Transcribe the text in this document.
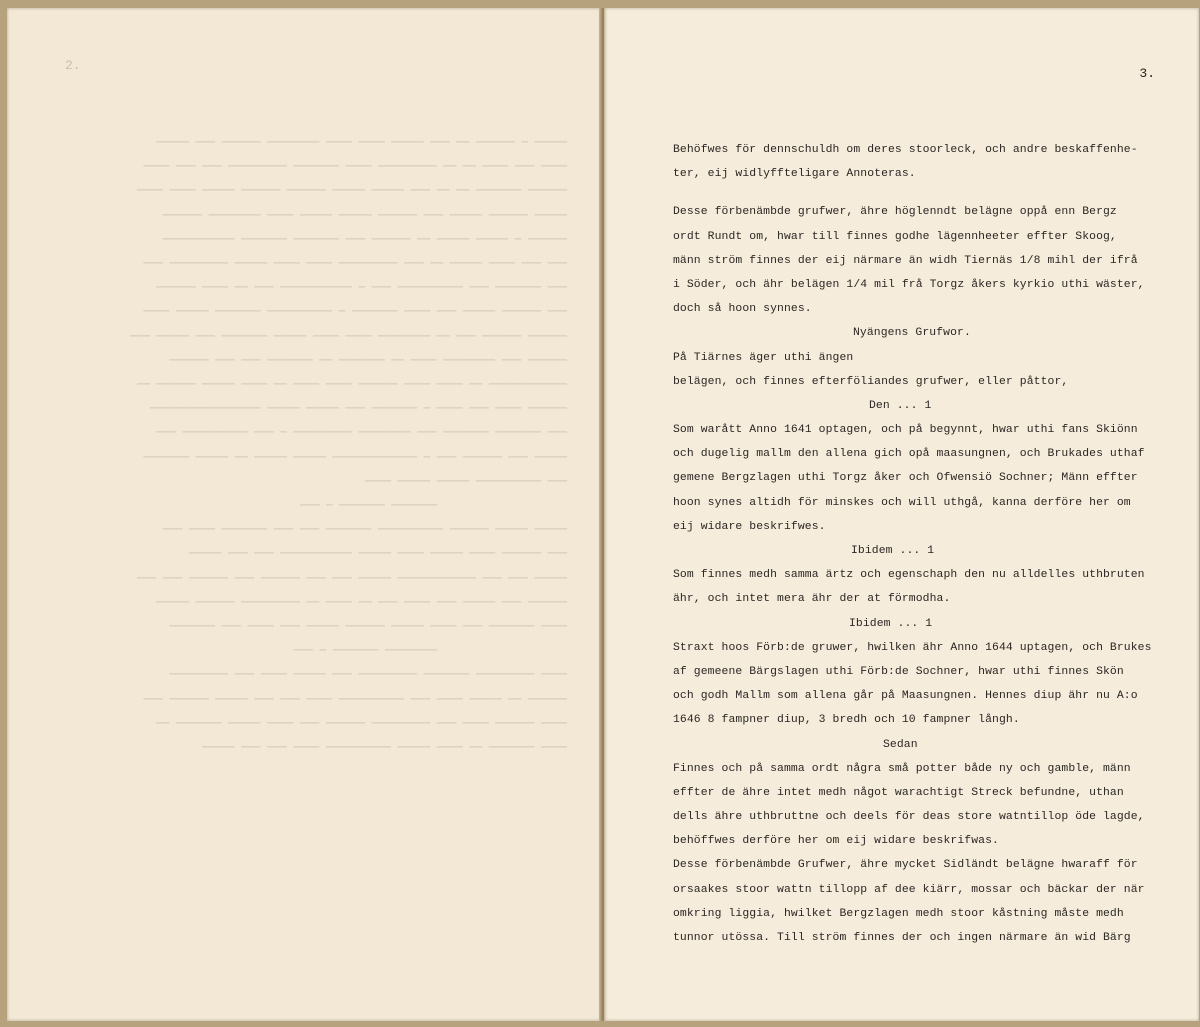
2.
▁▁▁▁▁ ▁ ▁▁▁▁▁▁ ▁▁ ▁▁▁ ▁▁▁▁▁ ▁▁▁▁ ▁▁▁▁ ▁▁▁▁▁▁▁▁ ▁▁▁▁▁▁ ▁▁▁ ▁▁▁▁▁
▁▁▁▁ ▁▁▁ ▁▁▁▁ ▁▁ ▁▁ ▁▁▁▁▁▁▁▁▁ ▁▁▁▁ ▁▁▁▁▁▁▁ ▁▁▁▁▁▁▁▁▁ ▁▁▁ ▁▁▁ ▁▁▁▁
▁▁▁▁▁▁ ▁▁▁▁▁▁▁ ▁▁ ▁▁ ▁▁▁ ▁▁▁▁▁ ▁▁▁▁▁ ▁▁▁▁▁▁ ▁▁▁▁▁▁ ▁▁▁▁▁ ▁▁▁▁ ▁▁▁▁
▁▁▁▁▁ ▁▁▁▁▁▁ ▁▁▁▁▁ ▁▁▁ ▁▁▁▁▁▁ ▁▁▁▁▁ ▁▁▁▁▁ ▁▁▁▁ ▁▁▁▁▁▁▁▁ ▁▁▁▁▁▁
▁▁▁▁▁▁ ▁ ▁▁▁▁▁ ▁▁▁▁▁ ▁▁ ▁▁▁▁▁▁ ▁▁▁ ▁▁▁▁▁▁▁ ▁▁▁▁▁▁▁ ▁▁▁▁▁▁▁▁▁▁▁
▁▁▁ ▁▁▁ ▁▁▁▁ ▁▁▁▁▁ ▁▁ ▁▁▁ ▁▁▁▁▁▁▁▁▁ ▁▁▁▁ ▁▁▁▁ ▁▁▁▁▁ ▁▁▁▁▁▁▁▁▁ ▁▁▁
▁▁▁ ▁▁▁▁▁▁▁ ▁▁▁ ▁▁▁▁▁▁▁▁▁▁ ▁▁▁ ▁ ▁▁▁▁▁▁▁▁▁▁▁ ▁▁▁ ▁▁ ▁▁▁▁ ▁▁▁▁▁▁
▁▁▁ ▁▁▁▁▁▁ ▁▁▁▁▁ ▁▁▁ ▁▁▁▁ ▁▁▁▁▁▁▁ ▁ ▁▁▁▁▁▁▁▁▁▁ ▁▁▁▁▁▁▁ ▁▁▁▁▁ ▁▁▁▁
▁▁▁▁▁▁ ▁▁▁▁▁▁ ▁▁▁ ▁▁ ▁▁▁▁▁▁▁▁ ▁▁▁▁ ▁▁▁▁ ▁▁▁▁▁ ▁▁▁▁▁▁▁ ▁▁▁ ▁▁▁▁▁ ▁▁▁
▁▁▁▁▁▁ ▁▁▁ ▁▁▁▁▁▁▁▁ ▁▁▁▁ ▁▁ ▁▁▁▁▁▁▁ ▁▁ ▁▁▁▁▁▁▁ ▁▁▁ ▁▁▁ ▁▁▁▁▁▁
▁▁▁▁▁▁▁▁▁▁▁▁ ▁▁ ▁▁▁▁ ▁▁▁▁ ▁▁▁▁▁▁ ▁▁▁▁ ▁▁▁▁ ▁▁ ▁▁▁▁ ▁▁▁▁▁ ▁▁▁▁▁▁ ▁▁
▁▁▁▁▁▁ ▁▁▁▁ ▁▁▁ ▁▁▁▁ ▁ ▁▁▁▁▁▁▁ ▁▁▁ ▁▁▁▁▁ ▁▁▁▁▁ ▁▁▁▁▁▁▁▁▁▁▁▁▁▁▁▁▁
▁▁▁ ▁▁▁▁▁▁▁ ▁▁▁▁▁▁▁ ▁▁▁ ▁▁▁▁▁▁▁▁ ▁▁▁▁▁▁▁▁▁ ▁ ▁▁▁ ▁▁▁▁▁▁▁▁▁▁ ▁▁▁
▁▁▁▁▁ ▁▁▁ ▁▁▁▁▁▁ ▁▁▁ ▁ ▁▁▁▁▁▁▁▁▁▁▁▁▁ ▁▁▁▁▁ ▁▁▁▁▁ ▁▁ ▁▁▁▁▁ ▁▁▁▁▁▁▁
▁▁▁ ▁▁▁▁▁▁▁▁▁▁ ▁▁▁▁▁ ▁▁▁▁▁ ▁▁▁▁
▁▁▁▁▁▁▁ ▁▁▁▁▁▁▁ ▁ ▁▁▁
▁▁▁▁▁ ▁▁▁▁▁ ▁▁▁▁▁▁ ▁▁▁▁▁▁▁▁▁▁ ▁▁▁▁▁▁▁ ▁▁▁ ▁▁▁ ▁▁▁▁▁▁▁ ▁▁▁▁ ▁▁▁
▁▁▁ ▁▁▁▁▁▁ ▁▁▁▁ ▁▁▁▁▁ ▁▁▁▁ ▁▁▁▁▁ ▁▁▁▁▁▁▁▁▁▁▁ ▁▁▁ ▁▁▁ ▁▁▁▁▁
▁▁▁▁▁ ▁▁▁ ▁▁▁ ▁▁▁▁▁▁▁▁▁▁▁▁ ▁▁▁▁▁ ▁▁▁ ▁▁▁ ▁▁▁▁▁▁ ▁▁▁ ▁▁▁▁▁▁ ▁▁▁ ▁▁▁
▁▁▁▁▁▁ ▁▁▁ ▁▁▁▁▁ ▁▁▁ ▁▁▁▁ ▁▁▁ ▁▁ ▁▁▁▁ ▁▁ ▁▁▁▁▁▁▁▁▁ ▁▁▁▁▁▁ ▁▁▁▁▁
▁▁▁▁ ▁▁▁▁▁▁▁ ▁▁▁ ▁▁▁▁ ▁▁▁▁▁ ▁▁▁▁▁▁ ▁▁▁▁▁ ▁▁▁ ▁▁▁▁ ▁▁▁ ▁▁▁▁▁▁▁
▁▁▁▁▁▁▁▁ ▁▁▁▁▁▁▁ ▁ ▁▁▁
▁▁▁▁ ▁▁▁▁▁▁▁▁▁ ▁▁▁▁▁▁▁ ▁▁▁▁▁▁▁▁▁ ▁▁▁ ▁▁▁▁▁ ▁▁▁▁ ▁▁▁ ▁▁▁▁▁▁▁▁▁
▁▁▁▁▁▁ ▁▁ ▁▁▁▁▁ ▁▁▁▁ ▁▁▁ ▁▁▁▁▁▁▁▁▁▁ ▁▁▁▁ ▁▁▁ ▁▁▁ ▁▁▁▁▁ ▁▁▁▁▁▁ ▁▁▁
▁▁▁▁ ▁▁▁▁▁▁ ▁▁▁▁ ▁▁▁ ▁▁▁▁▁▁▁▁▁ ▁▁▁▁▁▁ ▁▁▁ ▁▁▁▁ ▁▁▁▁▁ ▁▁▁▁▁▁▁ ▁▁
▁▁▁▁ ▁▁▁▁▁▁▁ ▁▁ ▁▁▁▁ ▁▁▁▁▁ ▁▁▁▁▁▁▁▁▁▁ ▁▁▁▁ ▁▁▁ ▁▁▁ ▁▁▁▁▁
3.
Behöfwes för dennschuldh om deres stoorleck, och andre beskaffenhe-
ter, eij widlyffteligare Annoteras.
Desse förbenämbde grufwer, ähre höglenndt belägne oppå enn Bergz
ordt Rundt om, hwar till finnes godhe lägennheeter effter Skoog,
männ ström finnes der eij närmare än widh Tiernäs 1/8 mihl der ifrå
i Söder, och ähr belägen 1/4 mil frå Torgz åkers kyrkio uthi wäster,
doch så hoon synnes.
Nyängens Grufwor.
På Tiärnes äger uthi ängen
belägen, och finnes efterföliandes grufwer, eller påttor,
Den ... 1
Som warått Anno 1641 optagen, och på begynnt, hwar uthi fans Skiönn
och dugelig mallm den allena gich opå maasungnen, och Brukades uthaf
gemene Bergzlagen uthi Torgz åker och Ofwensiö Sochner; Männ effter
hoon synes altidh för minskes och will uthgå, kanna derföre her om
eij widare beskrifwes.
Ibidem ... 1
Som finnes medh samma ärtz och egenschaph den nu alldelles uthbruten
ähr, och intet mera ähr der at förmodha.
Ibidem ... 1
Straxt hoos Förb:de gruwer, hwilken ähr Anno 1644 uptagen, och Brukes
af gemeene Bärgslagen uthi Förb:de Sochner, hwar uthi finnes Skön
och godh Mallm som allena går på Maasungnen. Hennes diup ähr nu A:o
1646 8 fampner diup, 3 bredh och 10 fampner långh.
Sedan
Finnes och på samma ordt några små potter både ny och gamble, männ
effter de ähre intet medh något warachtigt Streck befundne, uthan
dells ähre uthbruttne och deels för deas store watntillop öde lagde,
behöffwes derföre her om eij widare beskrifwas.
Desse förbenämbde Grufwer, ähre mycket Sidländt belägne hwaraff för
orsaakes stoor wattn tillopp af dee kiärr, mossar och bäckar der när
omkring liggia, hwilket Bergzlagen medh stoor kåstning måste medh
tunnor utössa. Till ström finnes der och ingen närmare än wid Bärg
